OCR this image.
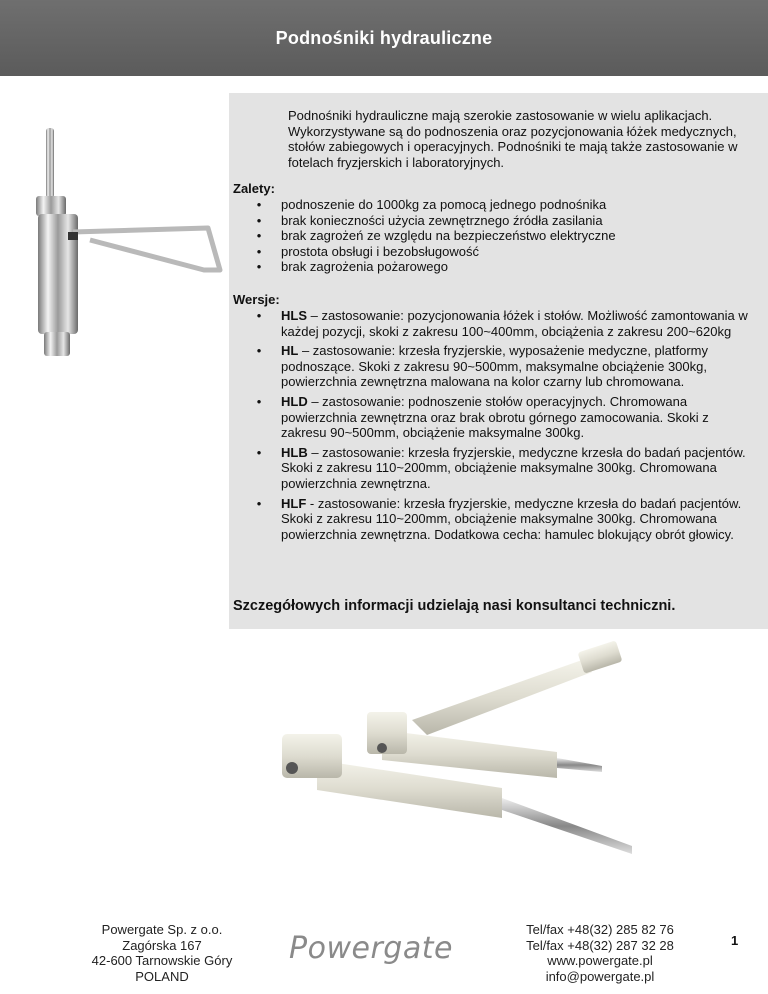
Podnośniki hydrauliczne
Podnośniki hydrauliczne mają szerokie zastosowanie w wielu aplikacjach. Wykorzystywane są do podnoszenia oraz pozycjonowania łóżek medycznych, stołów zabiegowych i operacyjnych. Podnośniki te mają także zastosowanie w fotelach fryzjerskich i laboratoryjnych.
Zalety:
• podnoszenie do 1000kg za pomocą jednego podnośnika
• brak konieczności użycia zewnętrznego źródła zasilania
• brak zagrożeń ze względu na bezpieczeństwo elektryczne
• prostota obsługi i bezobsługowość
• brak zagrożenia pożarowego
Wersje:
• HLS – zastosowanie: pozycjonowania łóżek i stołów. Możliwość zamontowania w każdej pozycji, skoki z zakresu 100~400mm, obciążenia z zakresu 200~620kg
• HL – zastosowanie: krzesła fryzjerskie, wyposażenie medyczne, platformy podnoszące. Skoki z zakresu 90~500mm, maksymalne obciążenie 300kg, powierzchnia zewnętrzna malowana na kolor czarny lub chromowana.
• HLD – zastosowanie: podnoszenie stołów operacyjnych. Chromowana powierzchnia zewnętrzna oraz brak obrotu górnego zamocowania. Skoki z zakresu 90~500mm, obciążenie maksymalne 300kg.
• HLB – zastosowanie: krzesła fryzjerskie, medyczne krzesła do badań pacjentów. Skoki z zakresu 110~200mm, obciążenie maksymalne 300kg. Chromowana powierzchnia zewnętrzna.
• HLF - zastosowanie: krzesła fryzjerskie, medyczne krzesła do badań pacjentów. Skoki z zakresu 110~200mm, obciążenie maksymalne 300kg. Chromowana powierzchnia zewnętrzna. Dodatkowa cecha: hamulec blokujący obrót głowicy.
Szczegółowych informacji udzielają nasi konsultanci techniczni.
Powergate Sp. z o.o.
Zagórska 167
42-600 Tarnowskie Góry
POLAND
Powergate
Tel/fax +48(32) 285 82 76
Tel/fax +48(32) 287 32 28
www.powergate.pl
info@powergate.pl
1
